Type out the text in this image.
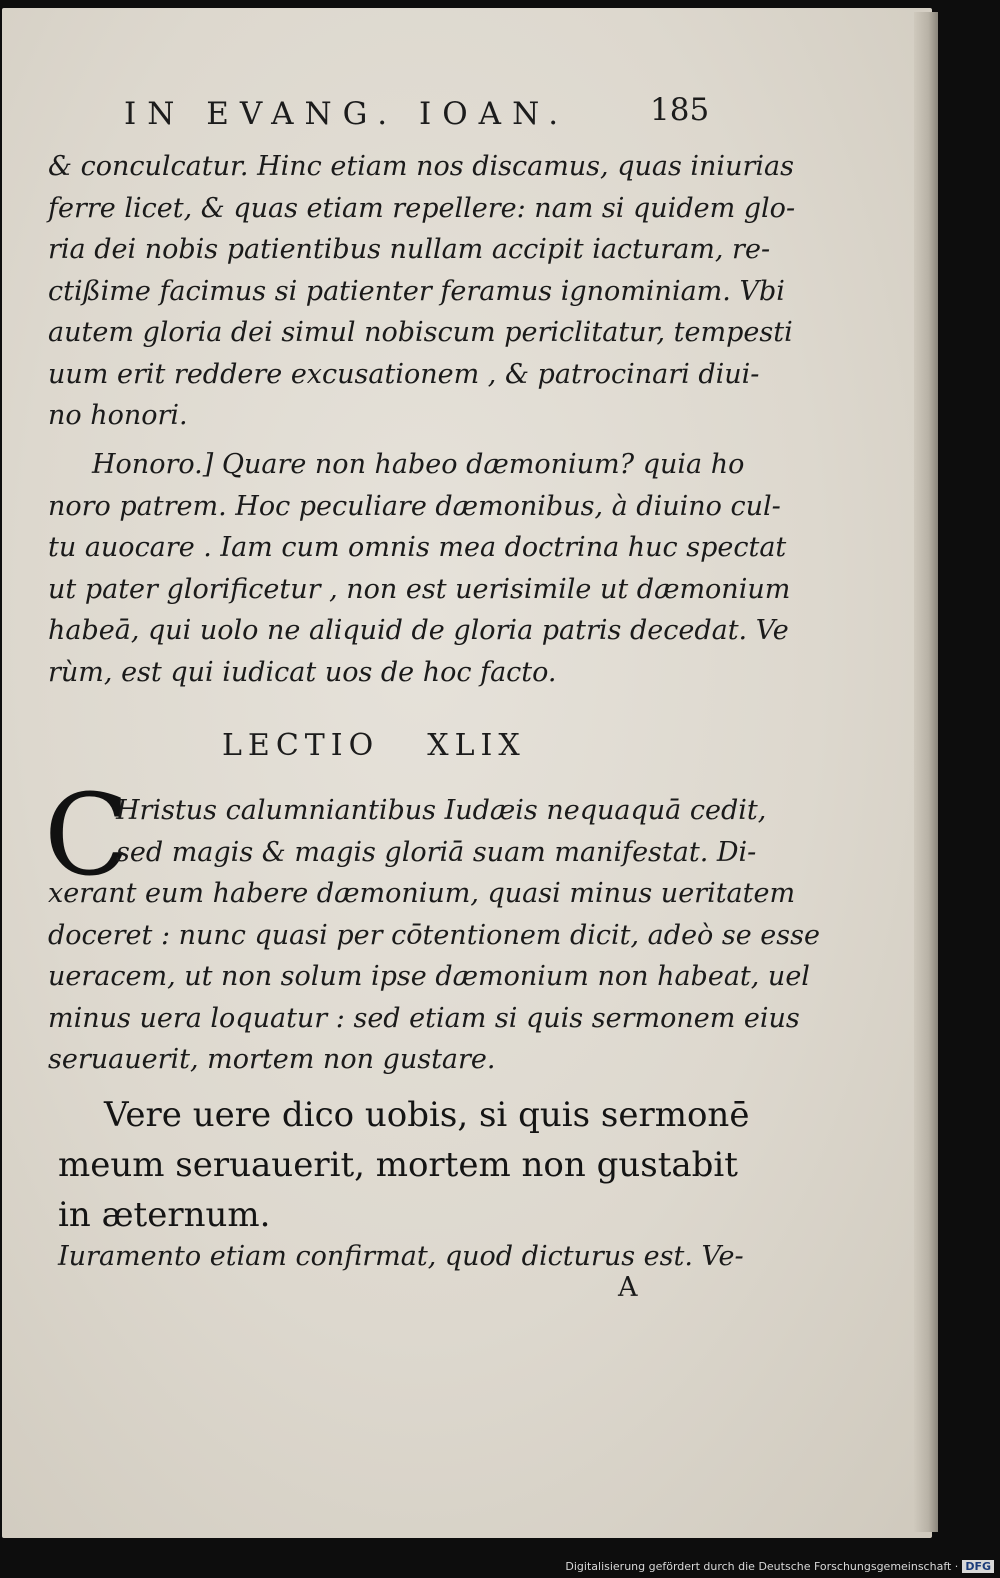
IN EVANG. IOAN.	185
& conculcatur. Hinc etiam nos discamus, quas iniurias
ferre licet, & quas etiam repellere: nam si quidem glo-
ria dei nobis patientibus nullam accipit iacturam, re-
ctißime facimus si patienter feramus ignominiam. Vbi
autem gloria dei simul nobiscum periclitatur, tempesti
uum erit reddere excusationem , & patrocinari diui-
no honori.
Honoro.] Quare non habeo dæmonium? quia ho
noro patrem. Hoc peculiare dæmonibus, à diuino cul-
tu auocare . Iam cum omnis mea doctrina huc spectat
ut pater glorificetur , non est uerisimile ut dæmonium
habeā, qui uolo ne aliquid de gloria patris decedat. Ve
rùm, est qui iudicat uos de hoc facto.
LECTIO XLIX
C
Hristus calumniantibus Iudæis nequaquā cedit,
sed magis & magis gloriā suam manifestat. Di-
xerant eum habere dæmonium, quasi minus ueritatem
doceret : nunc quasi per cōtentionem dicit, adeò se esse
ueracem, ut non solum ipse dæmonium non habeat, uel
minus uera loquatur : sed etiam si quis sermonem eius
seruauerit, mortem non gustare.
Vere uere dico uobis, si quis sermonē
meum seruauerit, mortem non gustabit
in æternum.
Iuramento etiam confirmat, quod dicturus est. Ve-
A
Digitalisierung gefördert durch die Deutsche Forschungsgemeinschaft · DFG
